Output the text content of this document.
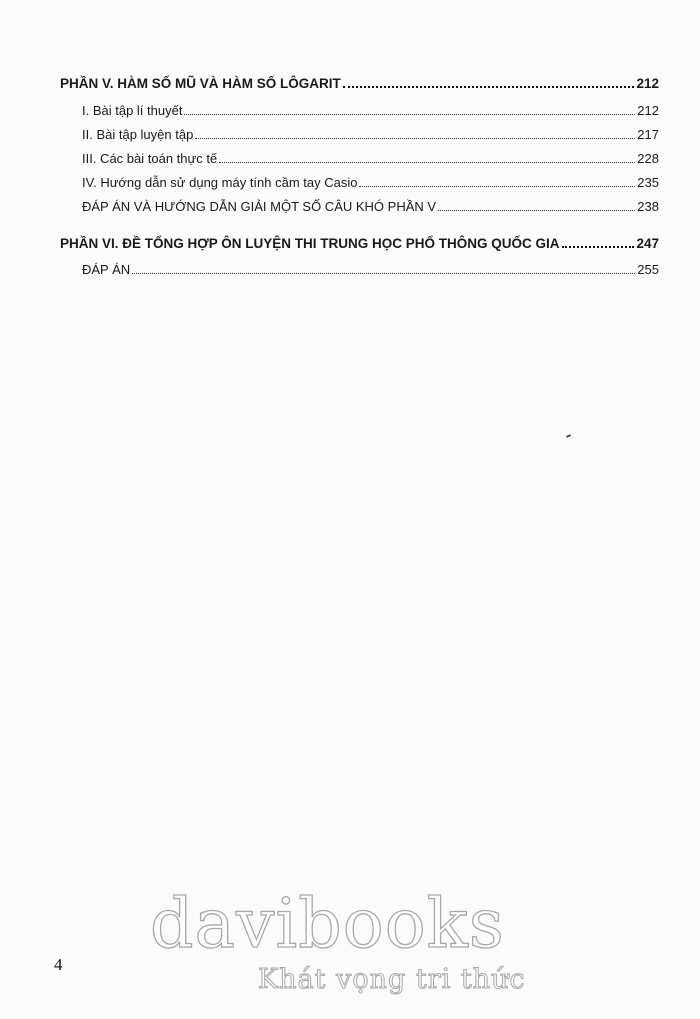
PHẦN V. HÀM SỐ MŨ VÀ HÀM SỐ LÔGARIT	212
I. Bài tập lí thuyết	212
II. Bài tập luyện tập	217
III. Các bài toán thực tế	228
IV. Hướng dẫn sử dụng máy tính cầm tay Casio	235
ĐÁP ÁN VÀ HƯỚNG DẪN GIẢI MỘT SỐ CÂU KHÓ PHẦN V	238
PHẦN VI. ĐỀ TỔNG HỢP ÔN LUYỆN THI TRUNG HỌC PHỔ THÔNG QUỐC GIA	247
ĐÁP ÁN	255
4
davibooks
Khát vọng tri thức
